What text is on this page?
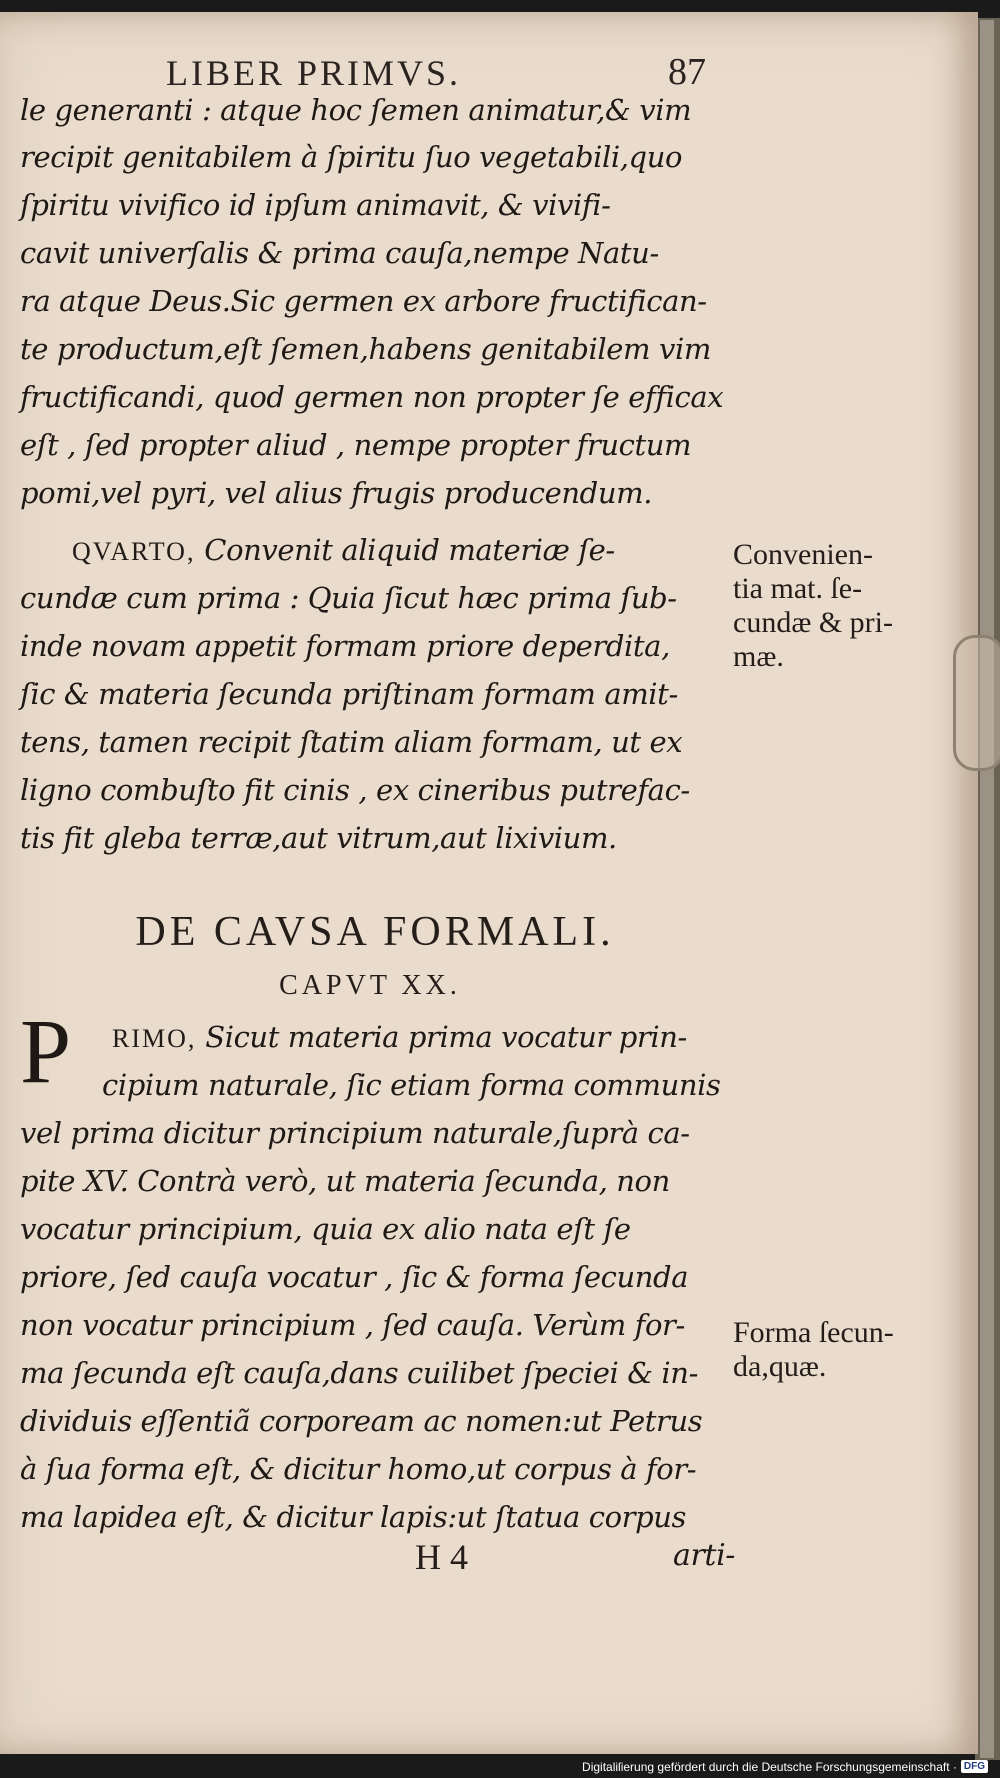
LIBER PRIMVS.	87
le generanti : atque hoc ſemen animatur,& vim
recipit genitabilem à ſpiritu ſuo vegetabili,quo
ſpiritu vivifico id ipſum animavit, & vivifi-
cavit univerſalis & prima cauſa,nempe Natu-
ra atque Deus.Sic germen ex arbore fructifican-
te productum,eſt ſemen,habens genitabilem vim
fructificandi, quod germen non propter ſe efficax
eſt , ſed propter aliud , nempe propter fructum
pomi,vel pyri, vel alius frugis producendum.
QVARTO, Convenit aliquid materiæ ſe-
cundæ cum prima : Quia ſicut hæc prima ſub-
inde novam appetit formam priore deperdita,
ſic & materia ſecunda priſtinam formam amit-
tens, tamen recipit ſtatim aliam formam, ut ex
ligno combuſto fit cinis , ex cineribus putrefac-
tis fit gleba terræ,aut vitrum,aut lixivium.
DE CAVSA FORMALI.
CAPVT XX.
P RIMO, Sicut materia prima vocatur prin-
cipium naturale, ſic etiam forma communis
vel prima dicitur principium naturale,ſuprà ca-
pite XV. Contrà verò, ut materia ſecunda, non
vocatur principium, quia ex alio nata eſt ſe
priore, ſed cauſa vocatur , ſic & forma ſecunda
non vocatur principium , ſed cauſa. Verùm for-
ma ſecunda eſt cauſa,dans cuilibet ſpeciei & in-
dividuis eſſentiã corpoream ac nomen:ut Petrus
à ſua forma eſt, & dicitur homo,ut corpus à for-
ma lapidea eſt, & dicitur lapis:ut ſtatua corpus
H 4	arti-
Convenien-
tia mat. ſe-
cundæ & pri-
mæ.
Forma ſecun-
da,quæ.
Digitaliſierung gefördert durch die Deutsche Forschungsgemeinschaft · DFG
